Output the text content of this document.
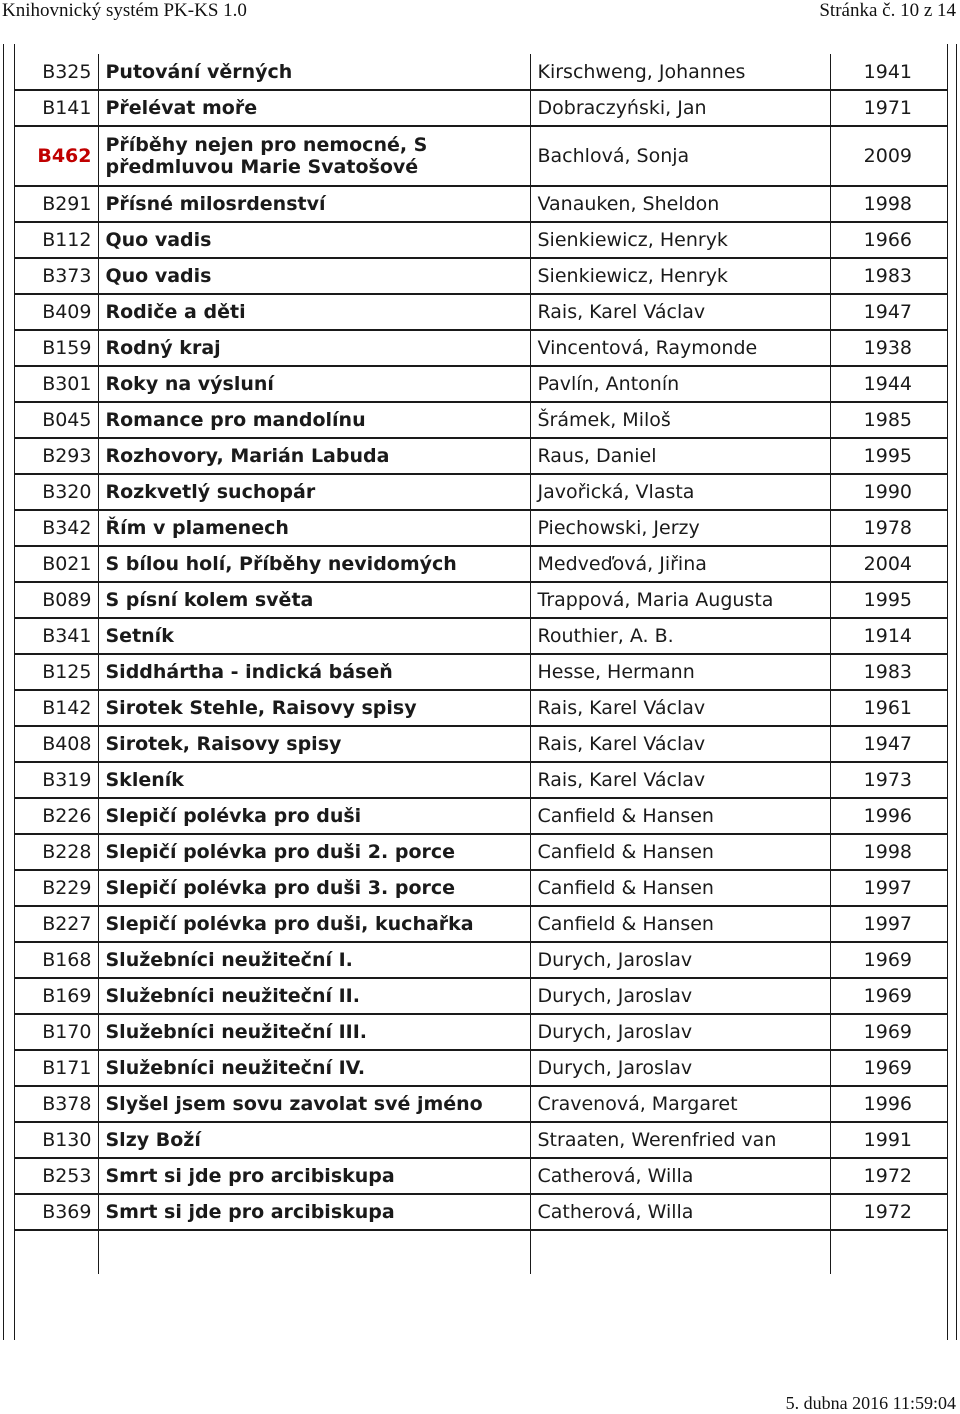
Knihovnický systém PK-KS 1.0	Stránka č. 10 z 14
B325	Putování věrných	Kirschweng, Johannes	1941
B141	Přelévat moře	Dobraczyński, Jan	1971
B462	Příběhy nejen pro nemocné, S předmluvou Marie Svatošové	Bachlová, Sonja	2009
B291	Přísné milosrdenství	Vanauken, Sheldon	1998
B112	Quo vadis	Sienkiewicz, Henryk	1966
B373	Quo vadis	Sienkiewicz, Henryk	1983
B409	Rodiče a děti	Rais, Karel Václav	1947
B159	Rodný kraj	Vincentová, Raymonde	1938
B301	Roky na výsluní	Pavlín, Antonín	1944
B045	Romance pro mandolínu	Šrámek, Miloš	1985
B293	Rozhovory, Marián Labuda	Raus, Daniel	1995
B320	Rozkvetlý suchopár	Javořická, Vlasta	1990
B342	Řím v plamenech	Piechowski, Jerzy	1978
B021	S bílou holí, Příběhy nevidomých	Medveďová, Jiřina	2004
B089	S písní kolem světa	Trappová, Maria Augusta	1995
B341	Setník	Routhier, A. B.	1914
B125	Siddhártha - indická báseň	Hesse, Hermann	1983
B142	Sirotek Stehle, Raisovy spisy	Rais, Karel Václav	1961
B408	Sirotek, Raisovy spisy	Rais, Karel Václav	1947
B319	Skleník	Rais, Karel Václav	1973
B226	Slepičí polévka pro duši	Canfield & Hansen	1996
B228	Slepičí polévka pro duši 2. porce	Canfield & Hansen	1998
B229	Slepičí polévka pro duši 3. porce	Canfield & Hansen	1997
B227	Slepičí polévka pro duši, kuchařka	Canfield & Hansen	1997
B168	Služebníci neužiteční I.	Durych, Jaroslav	1969
B169	Služebníci neužiteční II.	Durych, Jaroslav	1969
B170	Služebníci neužiteční III.	Durych, Jaroslav	1969
B171	Služebníci neužiteční IV.	Durych, Jaroslav	1969
B378	Slyšel jsem sovu zavolat své jméno	Cravenová, Margaret	1996
B130	Slzy Boží	Straaten, Werenfried van	1991
B253	Smrt si jde pro arcibiskupa	Catherová, Willa	1972
B369	Smrt si jde pro arcibiskupa	Catherová, Willa	1972

5. dubna 2016 11:59:04
